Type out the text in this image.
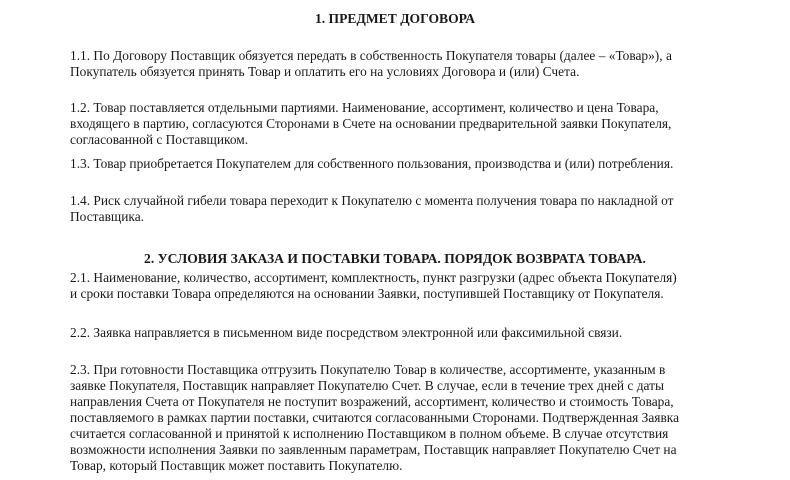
1. ПРЕДМЕТ ДОГОВОРА
1.1. По Договору Поставщик обязуется передать в собственность Покупателя товары (далее – «Товар»), а
Покупатель обязуется принять Товар и оплатить его на условиях Договора и (или) Счета.
1.2. Товар поставляется отдельными партиями. Наименование, ассортимент, количество и цена Товара,
входящего в партию, согласуются Сторонами в Счете на основании предварительной заявки Покупателя,
согласованной с Поставщиком.
1.3. Товар приобретается Покупателем для собственного пользования, производства и (или) потребления.
1.4. Риск случайной гибели товара переходит к Покупателю с момента получения товара по накладной от
Поставщика.
2. УСЛОВИЯ ЗАКАЗА И ПОСТАВКИ ТОВАРА. ПОРЯДОК ВОЗВРАТА ТОВАРА.
2.1. Наименование, количество, ассортимент, комплектность, пункт разгрузки (адрес объекта Покупателя)
и сроки поставки Товара определяются на основании Заявки, поступившей Поставщику от Покупателя.
2.2. Заявка направляется в письменном виде посредством электронной или факсимильной связи.
2.3. При готовности Поставщика отгрузить Покупателю Товар в количестве, ассортименте, указанным в
заявке Покупателя, Поставщик направляет Покупателю Счет. В случае, если в течение трех дней с даты
направления Счета от Покупателя не поступит возражений, ассортимент, количество и стоимость Товара,
поставляемого в рамках партии поставки, считаются согласованными Сторонами. Подтвержденная Заявка
считается согласованной и принятой к исполнению Поставщиком в полном объеме. В случае отсутствия
возможности исполнения Заявки по заявленным параметрам, Поставщик направляет Покупателю Счет на
Товар, который Поставщик может поставить Покупателю.
